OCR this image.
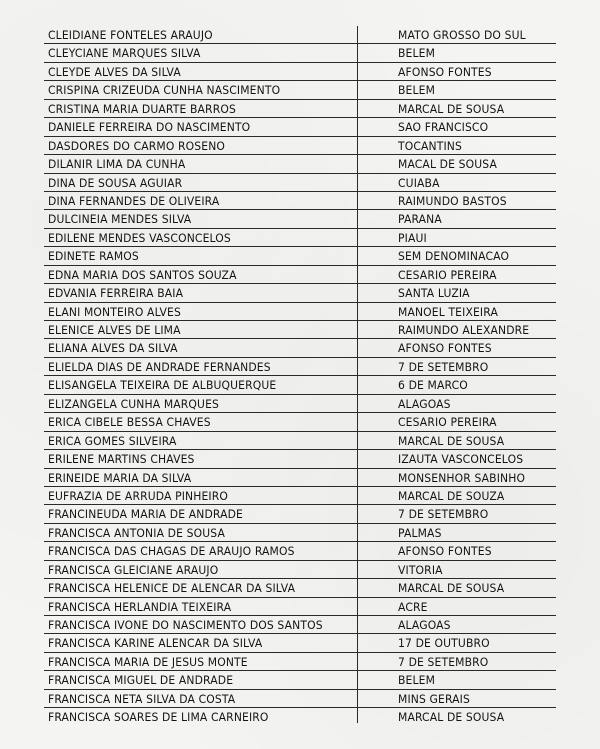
CLEIDIANE FONTELES ARAUJO	MATO GROSSO DO SUL
CLEYCIANE MARQUES SILVA	BELEM
CLEYDE ALVES DA SILVA	AFONSO FONTES
CRISPINA CRIZEUDA CUNHA NASCIMENTO	BELEM
CRISTINA MARIA DUARTE BARROS	MARCAL DE SOUSA
DANIELE FERREIRA DO NASCIMENTO	SAO FRANCISCO
DASDORES DO CARMO ROSENO	TOCANTINS
DILANIR LIMA DA CUNHA	MACAL DE SOUSA
DINA DE SOUSA AGUIAR	CUIABA
DINA FERNANDES DE OLIVEIRA	RAIMUNDO BASTOS
DULCINEIA MENDES SILVA	PARANA
EDILENE MENDES VASCONCELOS	PIAUI
EDINETE RAMOS	SEM DENOMINACAO
EDNA MARIA DOS SANTOS SOUZA	CESARIO PEREIRA
EDVANIA FERREIRA BAIA	SANTA LUZIA
ELANI MONTEIRO ALVES	MANOEL TEIXEIRA
ELENICE ALVES DE LIMA	RAIMUNDO ALEXANDRE
ELIANA ALVES DA SILVA	AFONSO FONTES
ELIELDA DIAS DE ANDRADE FERNANDES	7 DE SETEMBRO
ELISANGELA TEIXEIRA DE ALBUQUERQUE	6 DE MARCO
ELIZANGELA CUNHA MARQUES	ALAGOAS
ERICA CIBELE BESSA CHAVES	CESARIO PEREIRA
ERICA GOMES SILVEIRA	MARCAL DE SOUSA
ERILENE MARTINS CHAVES	IZAUTA VASCONCELOS
ERINEIDE MARIA DA SILVA	MONSENHOR SABINHO
EUFRAZIA DE ARRUDA PINHEIRO	MARCAL DE SOUZA
FRANCINEUDA MARIA DE ANDRADE	7 DE SETEMBRO
FRANCISCA ANTONIA DE SOUSA	PALMAS
FRANCISCA DAS CHAGAS DE ARAUJO RAMOS	AFONSO FONTES
FRANCISCA GLEICIANE ARAUJO	VITORIA
FRANCISCA HELENICE DE ALENCAR DA SILVA	MARCAL DE SOUSA
FRANCISCA HERLANDIA TEIXEIRA	ACRE
FRANCISCA IVONE DO NASCIMENTO DOS SANTOS	ALAGOAS
FRANCISCA KARINE ALENCAR DA SILVA	17 DE OUTUBRO
FRANCISCA MARIA DE JESUS MONTE	7 DE SETEMBRO
FRANCISCA MIGUEL DE ANDRADE	BELEM
FRANCISCA NETA SILVA DA COSTA	MINS GERAIS
FRANCISCA SOARES DE LIMA CARNEIRO	MARCAL DE SOUSA
